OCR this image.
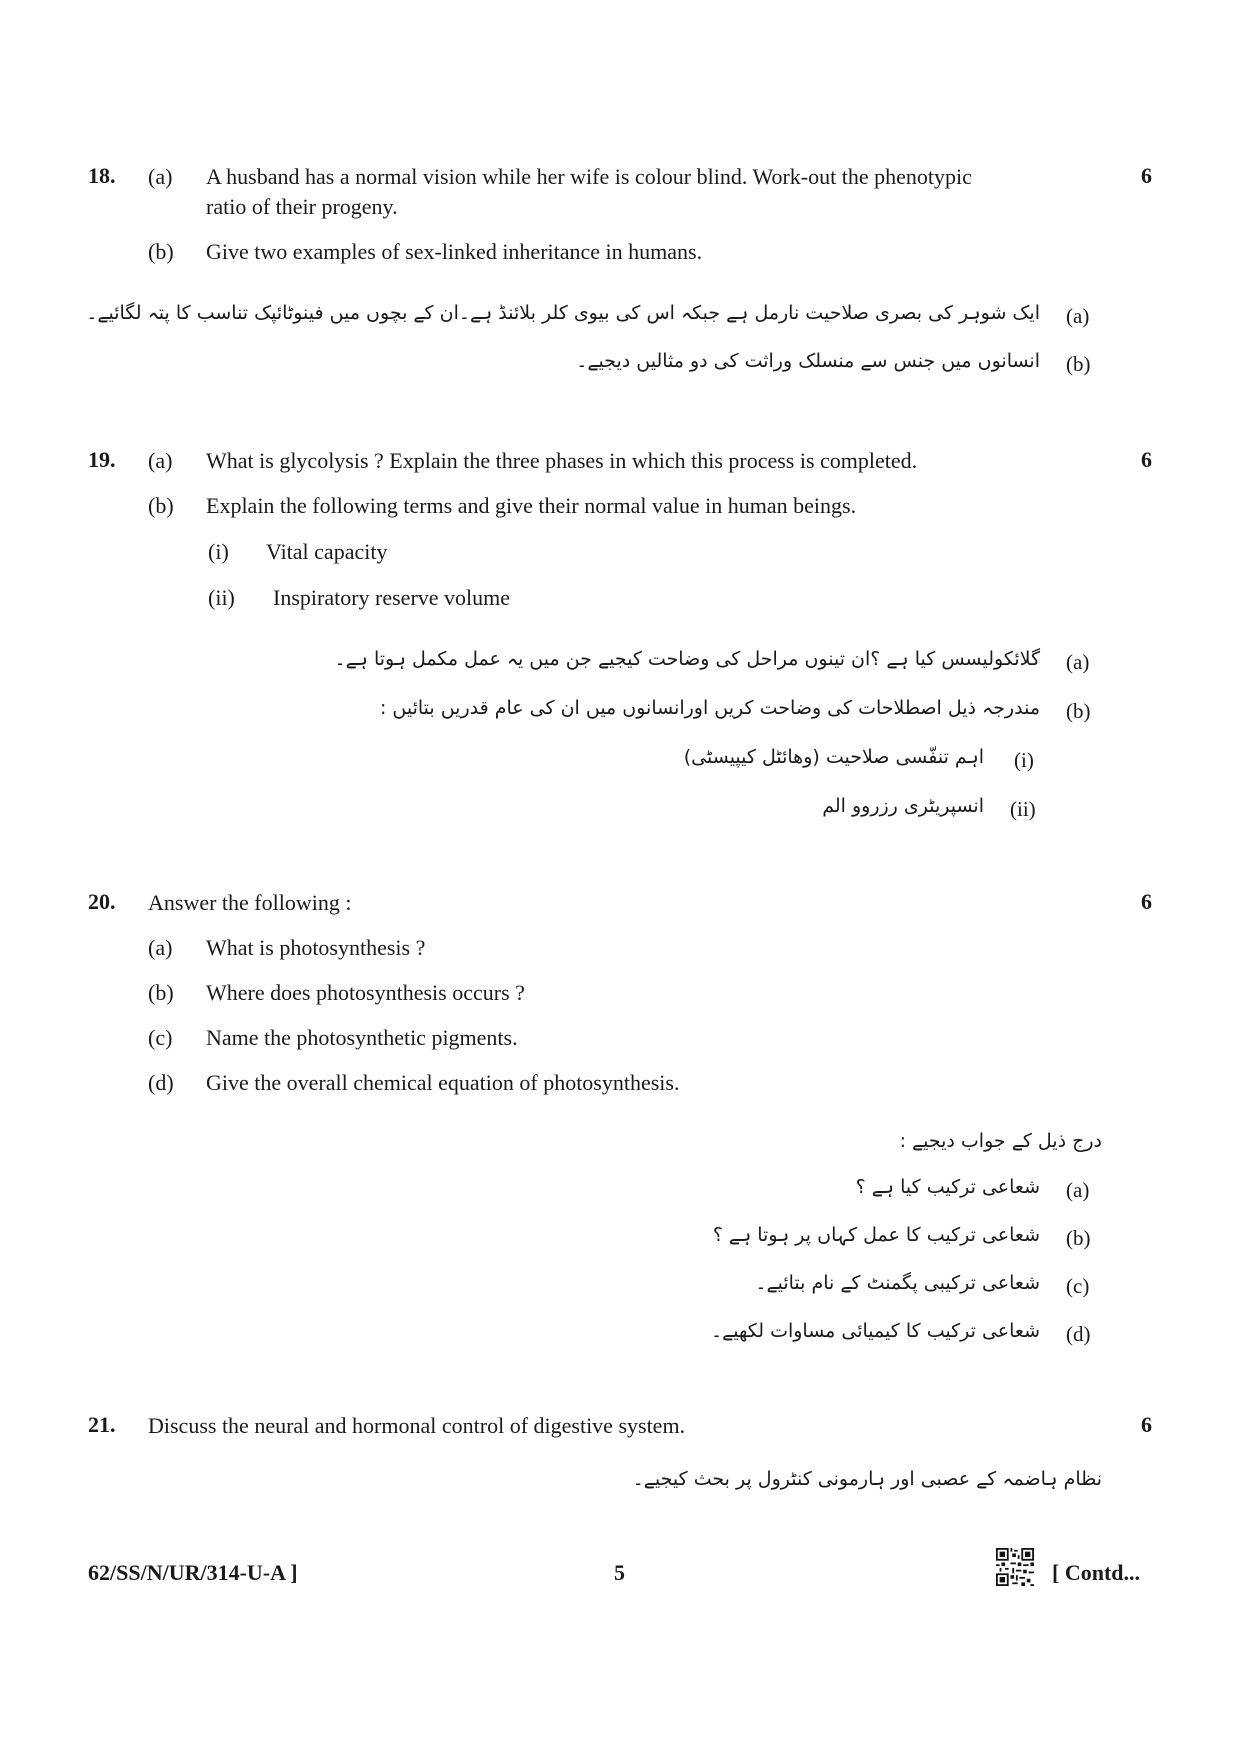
18. (a) A husband has a normal vision while her wife is colour blind. Work-out the phenotypic
ratio of their progeny.
6
(b) Give two examples of sex-linked inheritance in humans.
(a)
ایک شوہر کی بصری صلاحیت نارمل ہے جبکہ اس کی بیوی کلر بلائنڈ ہے۔ان کے بچوں میں فینوٹائپک تناسب کا پتہ لگائیے۔
(b)
انسانوں میں جنس سے منسلک وراثت کی دو مثالیں دیجیے۔
19. (a) What is glycolysis ? Explain the three phases in which this process is completed.	6
(b) Explain the following terms and give their normal value in human beings.
(i) Vital capacity
(ii) Inspiratory reserve volume
(a)
گلائکولیسس کیا ہے ؟ان تینوں مراحل کی وضاحت کیجیے جن میں یہ عمل مکمل ہوتا ہے۔
(b)
مندرجہ ذیل اصطلاحات کی وضاحت کریں اورانسانوں میں ان کی عام قدریں بتائیں :
(i)
اہم تنفّسی صلاحیت (وھائٹل کیپیسٹی)
(ii)
انسپریٹری رزروو الم
20. Answer the following :	6
(a) What is photosynthesis ?
(b) Where does photosynthesis occurs ?
(c) Name the photosynthetic pigments.
(d) Give the overall chemical equation of photosynthesis.
درج ذیل کے جواب دیجیے :
(a)
شعاعی ترکیب کیا ہے ؟
(b)
شعاعی ترکیب کا عمل کہاں پر ہوتا ہے ؟
(c)
شعاعی ترکیبی پگمنٹ کے نام بتائیے۔
(d)
شعاعی ترکیب کا کیمیائی مساوات لکھیے۔
21. Discuss the neural and hormonal control of digestive system.	6
نظام ہاضمہ کے عصبی اور ہارمونی کنٹرول پر بحث کیجیے۔
62/SS/N/UR/314-U-A ]	5	[ Contd...
